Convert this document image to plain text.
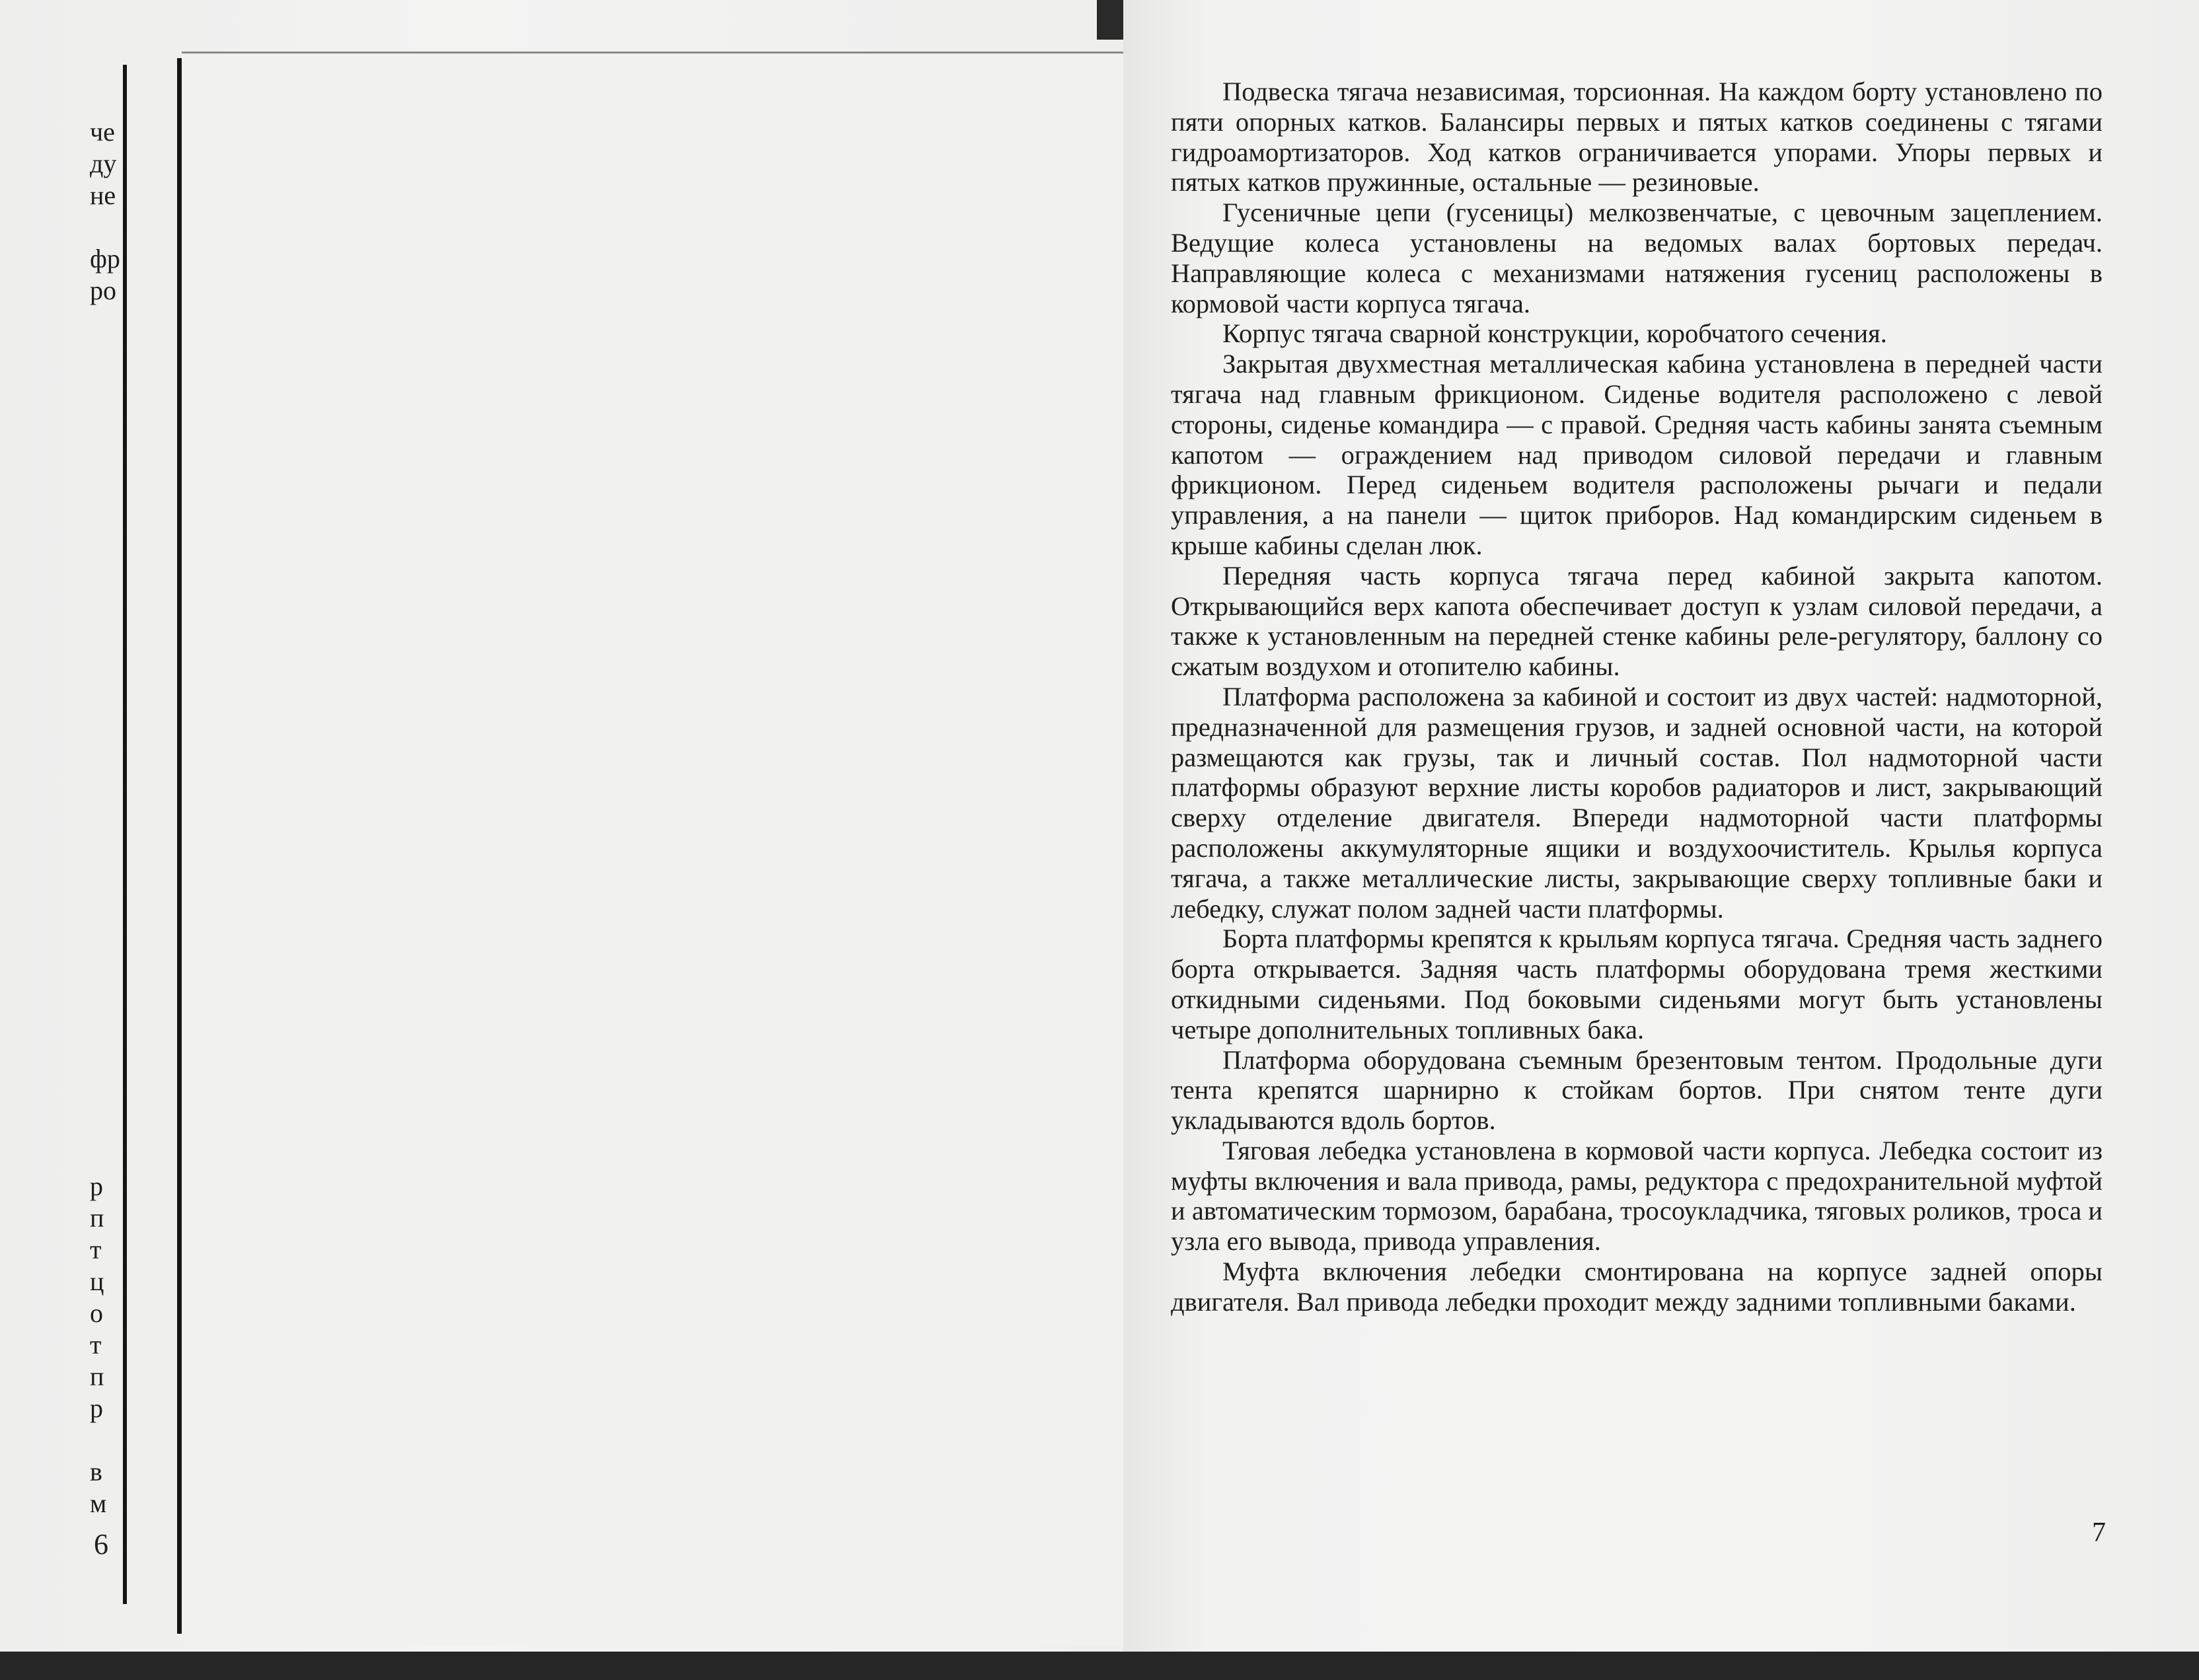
че
ду
не
фр
ро
р
п
т
ц
о
т
п
р
в
м
6

Подвеска тягача независимая, торсионная. На каждом борту установлено по пяти опорных катков. Балансиры первых и пятых катков соединены с тягами гидроамортизаторов. Ход катков ограничивается упорами. Упоры первых и пятых катков пружинные, остальные — резиновые.

Гусеничные цепи (гусеницы) мелкозвенчатые, с цевочным зацеплением. Ведущие колеса установлены на ведомых валах бортовых передач. Направляющие колеса с механизмами натяжения гусениц расположены в кормовой части корпуса тягача.

Корпус тягача сварной конструкции, коробчатого сечения.

Закрытая двухместная металлическая кабина установлена в передней части тягача над главным фрикционом. Сиденье водителя расположено с левой стороны, сиденье командира — с правой. Средняя часть кабины занята съемным капотом — ограждением над приводом силовой передачи и главным фрикционом. Перед сиденьем водителя расположены рычаги и педали управления, а на панели — щиток приборов. Над командирским сиденьем в крыше кабины сделан люк.

Передняя часть корпуса тягача перед кабиной закрыта капотом. Открывающийся верх капота обеспечивает доступ к узлам силовой передачи, а также к установленным на передней стенке кабины реле-регулятору, баллону со сжатым воздухом и отопителю кабины.

Платформа расположена за кабиной и состоит из двух частей: надмоторной, предназначенной для размещения грузов, и задней основной части, на которой размещаются как грузы, так и личный состав. Пол надмоторной части платформы образуют верхние листы коробов радиаторов и лист, закрывающий сверху отделение двигателя. Впереди надмоторной части платформы расположены аккумуляторные ящики и воздухоочиститель. Крылья корпуса тягача, а также металлические листы, закрывающие сверху топливные баки и лебедку, служат полом задней части платформы.

Борта платформы крепятся к крыльям корпуса тягача. Средняя часть заднего борта открывается. Задняя часть платформы оборудована тремя жесткими откидными сиденьями. Под боковыми сиденьями могут быть установлены четыре дополнительных топливных бака.

Платформа оборудована съемным брезентовым тентом. Продольные дуги тента крепятся шарнирно к стойкам бортов. При снятом тенте дуги укладываются вдоль бортов.

Тяговая лебедка установлена в кормовой части корпуса. Лебедка состоит из муфты включения и вала привода, рамы, редуктора с предохранительной муфтой и автоматическим тормозом, барабана, тросоукладчика, тяговых роликов, троса и узла его вывода, привода управления.

Муфта включения лебедки смонтирована на корпусе задней опоры двигателя. Вал привода лебедки проходит между задними топливными баками.

7
